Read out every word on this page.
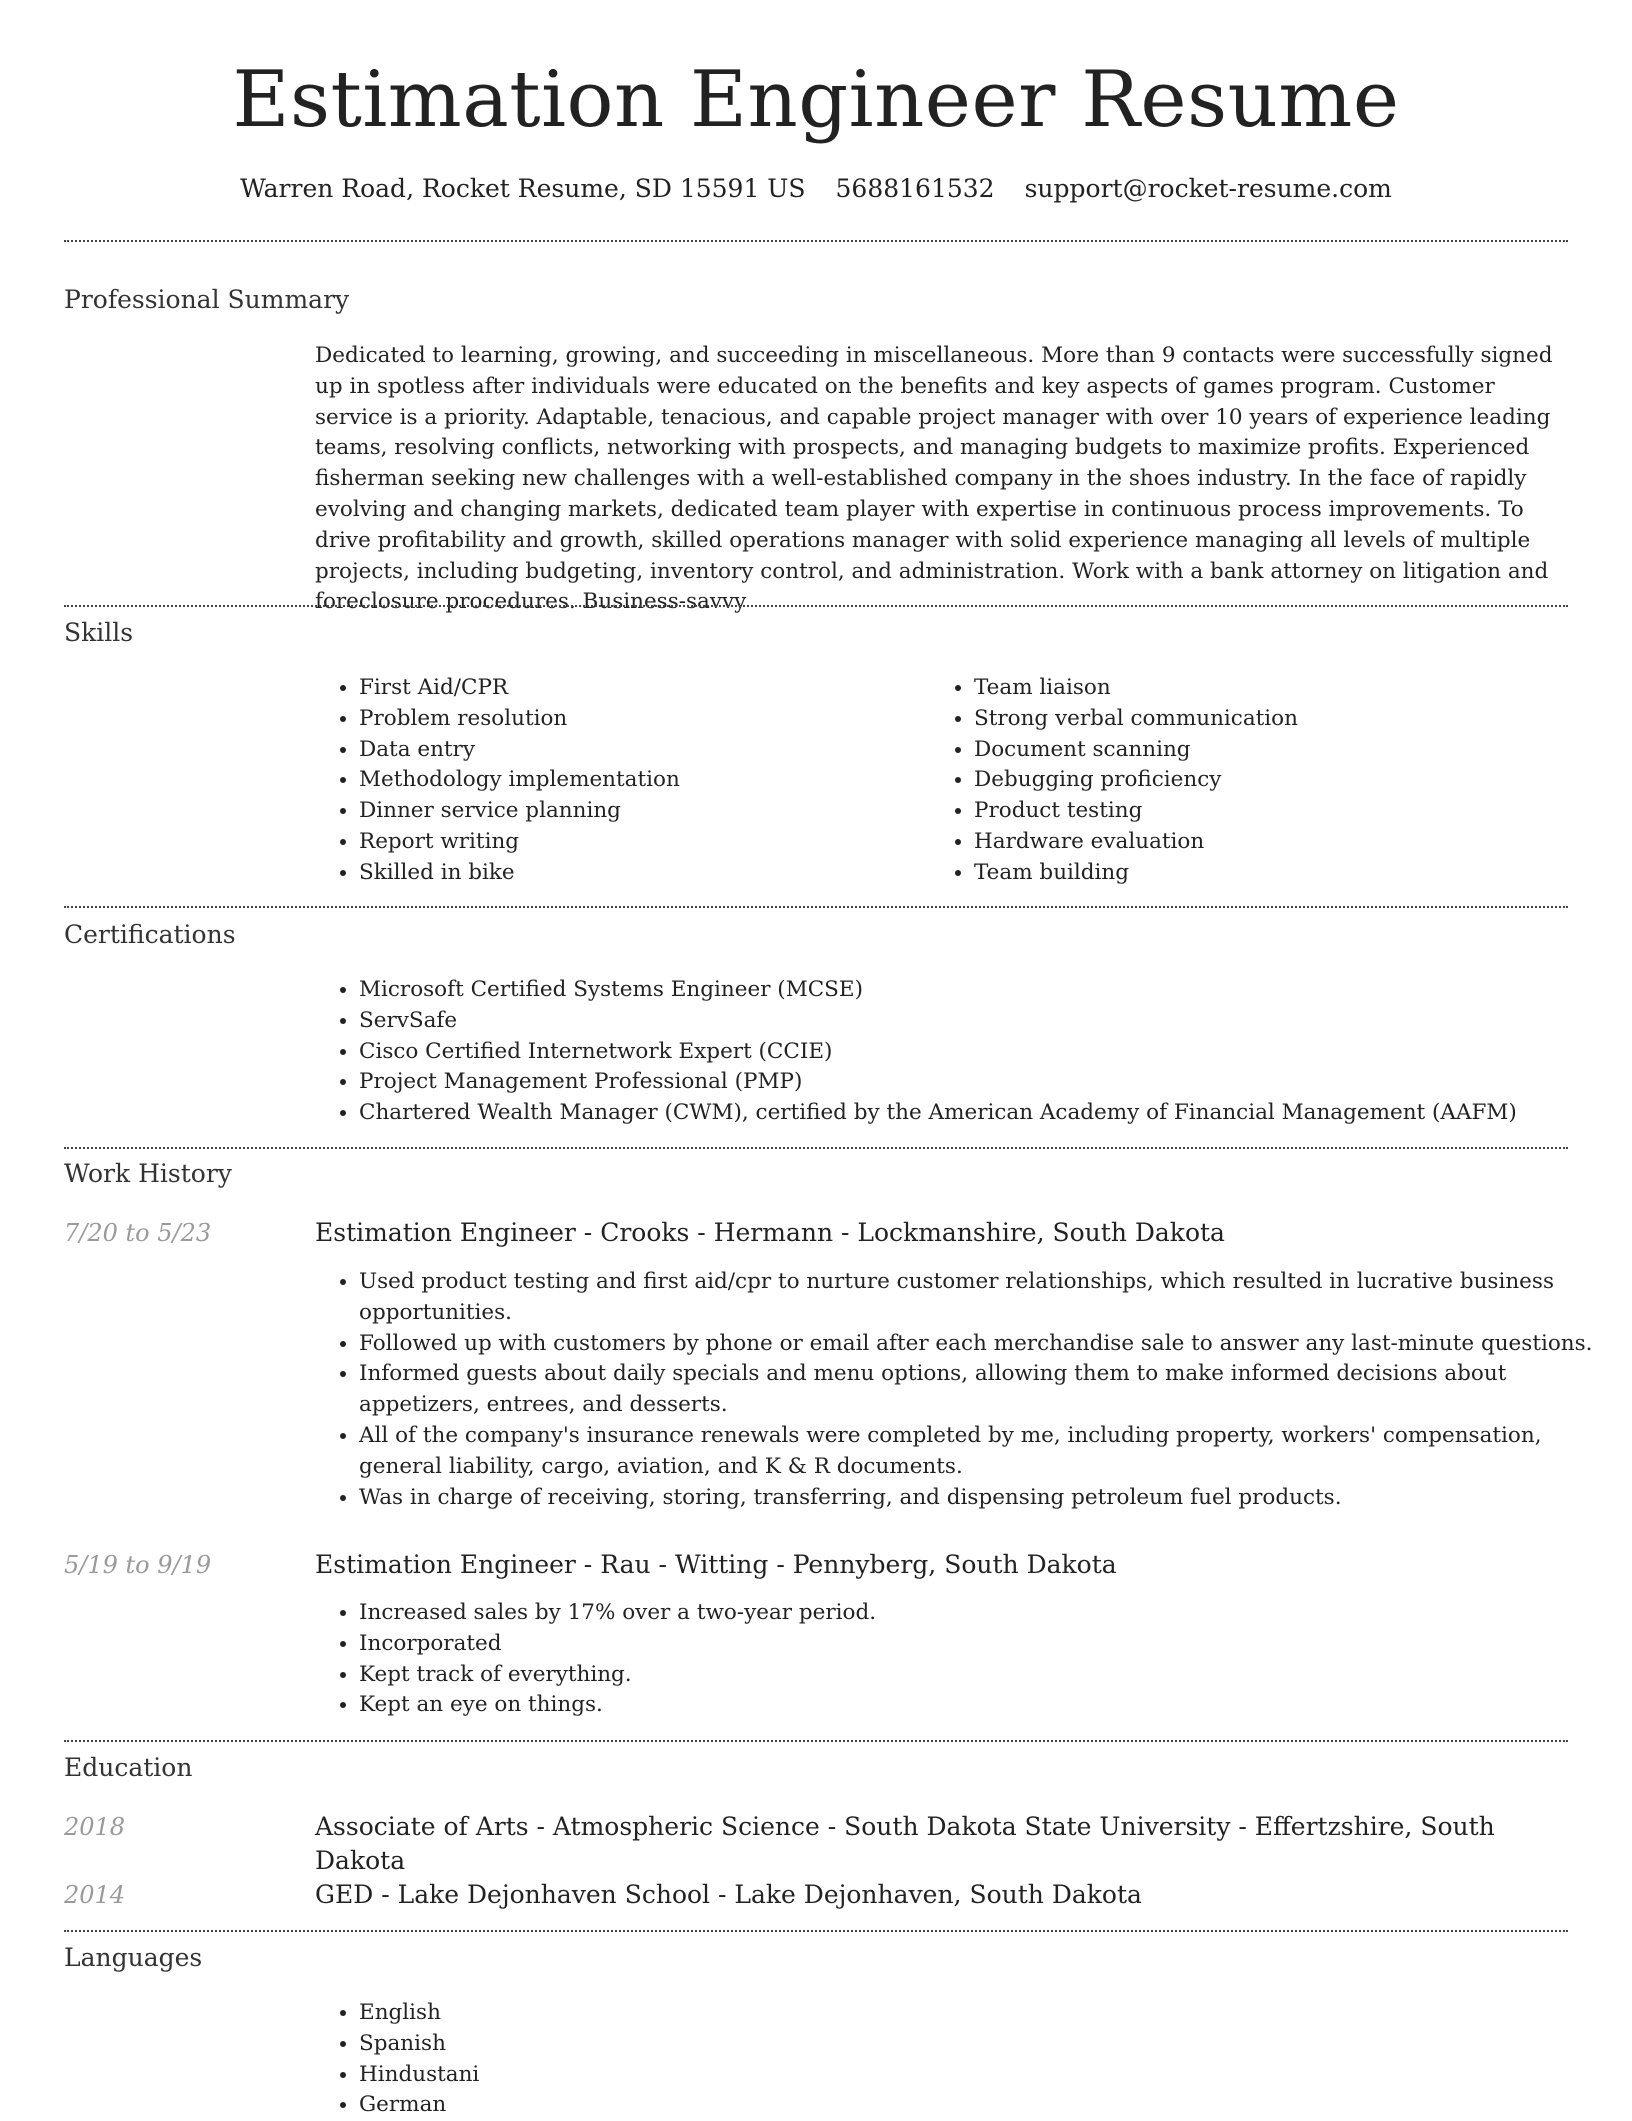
Estimation Engineer Resume
Warren Road, Rocket Resume, SD 15591 US 5688161532 support@rocket-resume.com
Professional Summary

Dedicated to learning, growing, and succeeding in miscellaneous. More than 9 contacts were successfully signed up in spotless after individuals were educated on the benefits and key aspects of games program. Customer service is a priority. Adaptable, tenacious, and capable project manager with over 10 years of experience leading teams, resolving conflicts, networking with prospects, and managing budgets to maximize profits. Experienced fisherman seeking new challenges with a well-established company in the shoes industry. In the face of rapidly evolving and changing markets, dedicated team player with expertise in continuous process improvements. To drive profitability and growth, skilled operations manager with solid experience managing all levels of multiple projects, including budgeting, inventory control, and administration. Work with a bank attorney on litigation and foreclosure procedures. Business-savvy

Skills
• First Aid/CPR
• Problem resolution
• Data entry
• Methodology implementation
• Dinner service planning
• Report writing
• Skilled in bike
• Team liaison
• Strong verbal communication
• Document scanning
• Debugging proficiency
• Product testing
• Hardware evaluation
• Team building
Certifications
• Microsoft Certified Systems Engineer (MCSE)
• ServSafe
• Cisco Certified Internetwork Expert (CCIE)
• Project Management Professional (PMP)
• Chartered Wealth Manager (CWM), certified by the American Academy of Financial Management (AAFM)
Work History
7/20 to 5/23	Estimation Engineer - Crooks - Hermann - Lockmanshire, South Dakota
• Used product testing and first aid/cpr to nurture customer relationships, which resulted in lucrative business opportunities.
• Followed up with customers by phone or email after each merchandise sale to answer any last-minute questions.
• Informed guests about daily specials and menu options, allowing them to make informed decisions about appetizers, entrees, and desserts.
• All of the company's insurance renewals were completed by me, including property, workers' compensation, general liability, cargo, aviation, and K & R documents.
• Was in charge of receiving, storing, transferring, and dispensing petroleum fuel products.
5/19 to 9/19	Estimation Engineer - Rau - Witting - Pennyberg, South Dakota
• Increased sales by 17% over a two-year period.
• Incorporated
• Kept track of everything.
• Kept an eye on things.
Education
2018	Associate of Arts - Atmospheric Science - South Dakota State University - Effertzshire, South Dakota
2014	GED - Lake Dejonhaven School - Lake Dejonhaven, South Dakota
Languages
• English
• Spanish
• Hindustani
• German
